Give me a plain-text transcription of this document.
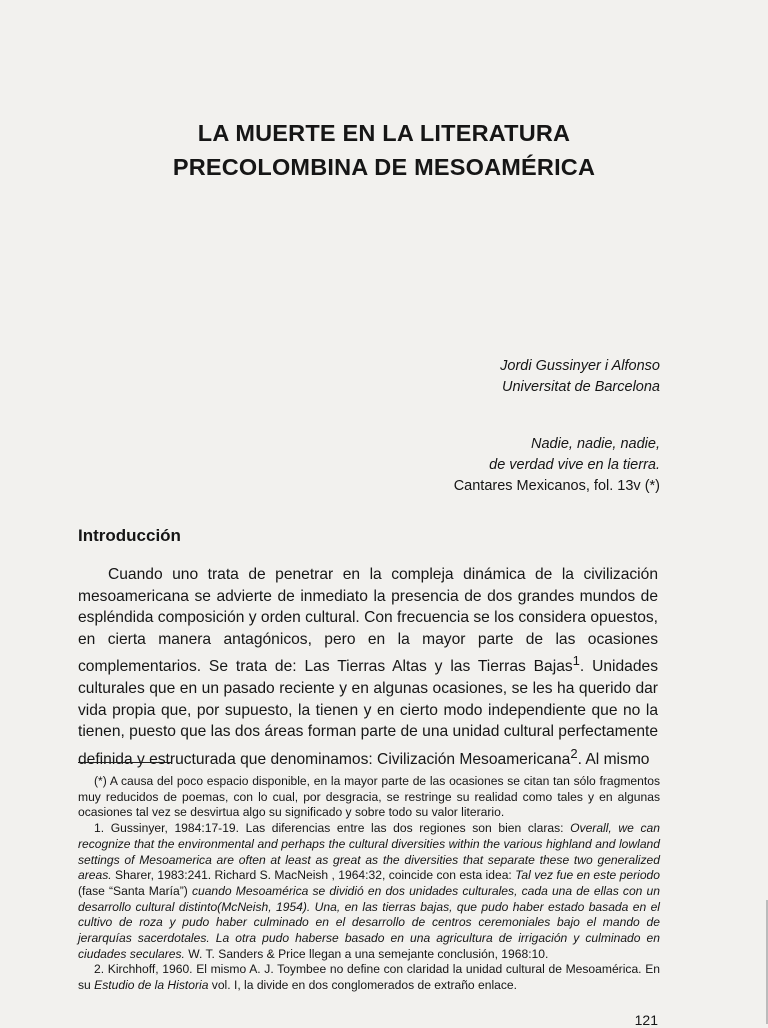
LA MUERTE EN LA LITERATURA
PRECOLOMBINA DE MESOAMÉRICA
Jordi Gussinyer i Alfonso
Universitat de Barcelona
Nadie, nadie, nadie,
de verdad vive en la tierra.
Cantares Mexicanos, fol. 13v (*)
Introducción

Cuando uno trata de penetrar en la compleja dinámica de la civilización mesoamericana se advierte de inmediato la presencia de dos grandes mundos de espléndida composición y orden cultural. Con frecuencia se los considera opuestos, en cierta manera antagónicos, pero en la mayor parte de las ocasiones complementarios. Se trata de: Las Tierras Altas y las Tierras Bajas$^1$. Unidades culturales que en un pasado reciente y en algunas ocasiones, se les ha querido dar vida propia que, por supuesto, la tienen y en cierto modo independiente que no la tienen, puesto que las dos áreas forman parte de una unidad cultural perfectamente definida y estructurada que denominamos: Civilización Mesoamericana$^2$. Al mismo

(*) A causa del poco espacio disponible, en la mayor parte de las ocasiones se citan tan sólo fragmentos muy reducidos de poemas, con lo cual, por desgracia, se restringe su realidad como tales y en algunas ocasiones tal vez se desvirtua algo su significado y sobre todo su valor literario.

1. Gussinyer, 1984:17-19. Las diferencias entre las dos regiones son bien claras: Overall, we can recognize that the environmental and perhaps the cultural diversities within the various highland and lowland settings of Mesoamerica are often at least as great as the diversities that separate these two generalized areas. Sharer, 1983:241. Richard S. MacNeish , 1964:32, coincide con esta idea: Tal vez fue en este periodo (fase “Santa María”) cuando Mesoamérica se dividió en dos unidades culturales, cada una de ellas con un desarrollo cultural distinto(McNeish, 1954). Una, en las tierras bajas, que pudo haber estado basada en el cultivo de roza y pudo haber culminado en el desarrollo de centros ceremoniales bajo el mando de jerarquías sacerdotales. La otra pudo haberse basado en una agricultura de irrigación y culminado en ciudades seculares. W. T. Sanders & Price llegan a una semejante conclusión, 1968:10.

2. Kirchhoff, 1960. El mismo A. J. Toymbee no define con claridad la unidad cultural de Mesoamérica. En su Estudio de la Historia vol. I, la divide en dos conglomerados de extraño enlace.

121
